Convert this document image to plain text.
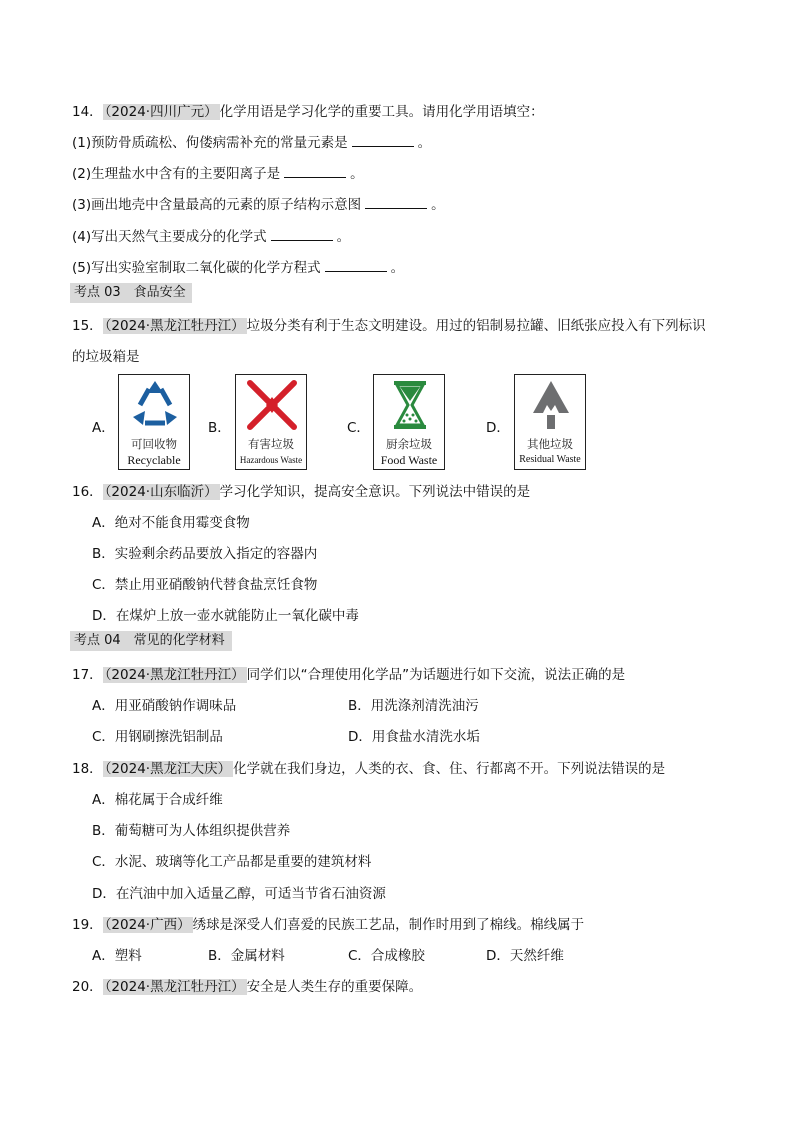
14． （2024·四川广元） 化学用语是学习化学的重要工具。请用化学用语填空：
(1)预防骨质疏松、佝偻病需补充的常量元素是	。
(2)生理盐水中含有的主要阳离子是	。
(3)画出地壳中含量最高的元素的原子结构示意图	。
(4)写出天然气主要成分的化学式	。
(5)写出实验室制取二氧化碳的化学方程式	。
考点 03　食品安全
15． （2024·黑龙江牡丹江） 垃圾分类有利于生态文明建设。用过的铝制易拉罐、旧纸张应投入有下列标识
的垃圾箱是
A．
可回收物
Recyclable
B．
有害垃圾
Hazardous Waste
C．
厨余垃圾
Food Waste
D．
其他垃圾
Residual Waste
16． （2024·山东临沂） 学习化学知识，提高安全意识。下列说法中错误的是
A．绝对不能食用霉变食物
B．实验剩余药品要放入指定的容器内
C．禁止用亚硝酸钠代替食盐烹饪食物
D．在煤炉上放一壶水就能防止一氧化碳中毒
考点 04　常见的化学材料
17． （2024·黑龙江牡丹江） 同学们以“合理使用化学品”为话题进行如下交流，说法正确的是
A．用亚硝酸钠作调味品	B．用洗涤剂清洗油污
C．用钢刷擦洗铝制品	D．用食盐水清洗水垢
18． （2024·黑龙江大庆） 化学就在我们身边，人类的衣、食、住、行都离不开。下列说法错误的是
A．棉花属于合成纤维
B．葡萄糖可为人体组织提供营养
C．水泥、玻璃等化工产品都是重要的建筑材料
D．在汽油中加入适量乙醇，可适当节省石油资源
19． （2024·广西） 绣球是深受人们喜爱的民族工艺品，制作时用到了棉线。棉线属于
A．塑料	B．金属材料	C．合成橡胶	D．天然纤维
20． （2024·黑龙江牡丹江） 安全是人类生存的重要保障。
